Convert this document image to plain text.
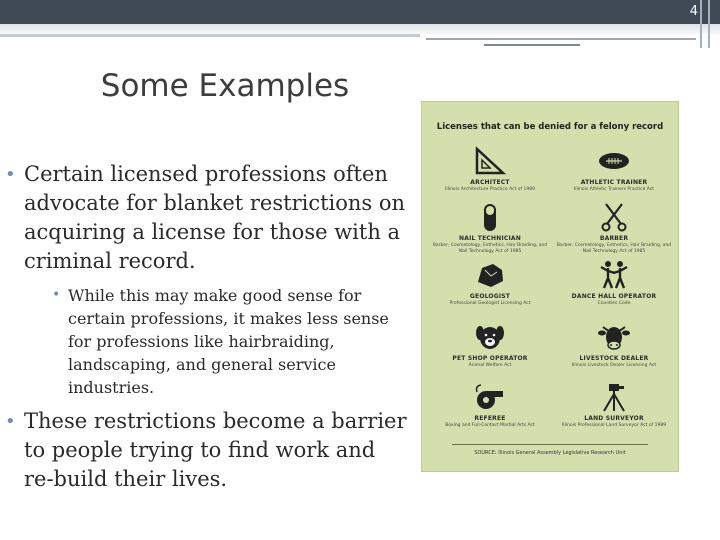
4
Some Examples
• Certain licensed professions often advocate for blanket restrictions on acquiring a license for those with a criminal record.
• While this may make good sense for certain professions, it makes less sense for professions like hairbraiding, landscaping, and general service industries.
• These restrictions become a barrier to people trying to find work and re-build their lives.
Licenses that can be denied for a felony record
ARCHITECT
Illinois Architecture Practice Act of 1989
ATHLETIC TRAINER
Illinois Athletic Trainers Practice Act
NAIL TECHNICIAN
Barber, Cosmetology, Esthetics, Hair Braiding, and Nail Technology Act of 1985
BARBER
Barber, Cosmetology, Esthetics, Hair Braiding, and Nail Technology Act of 1985
GEOLOGIST
Professional Geologist Licensing Act
DANCE HALL OPERATOR
Counties Code
PET SHOP OPERATOR
Animal Welfare Act
LIVESTOCK DEALER
Illinois Livestock Dealer Licensing Act
REFEREE
Boxing and Full-Contact Martial Arts Act
LAND SURVEYOR
Illinois Professional Land Surveyor Act of 1989
SOURCE: Illinois General Assembly Legislative Research Unit
